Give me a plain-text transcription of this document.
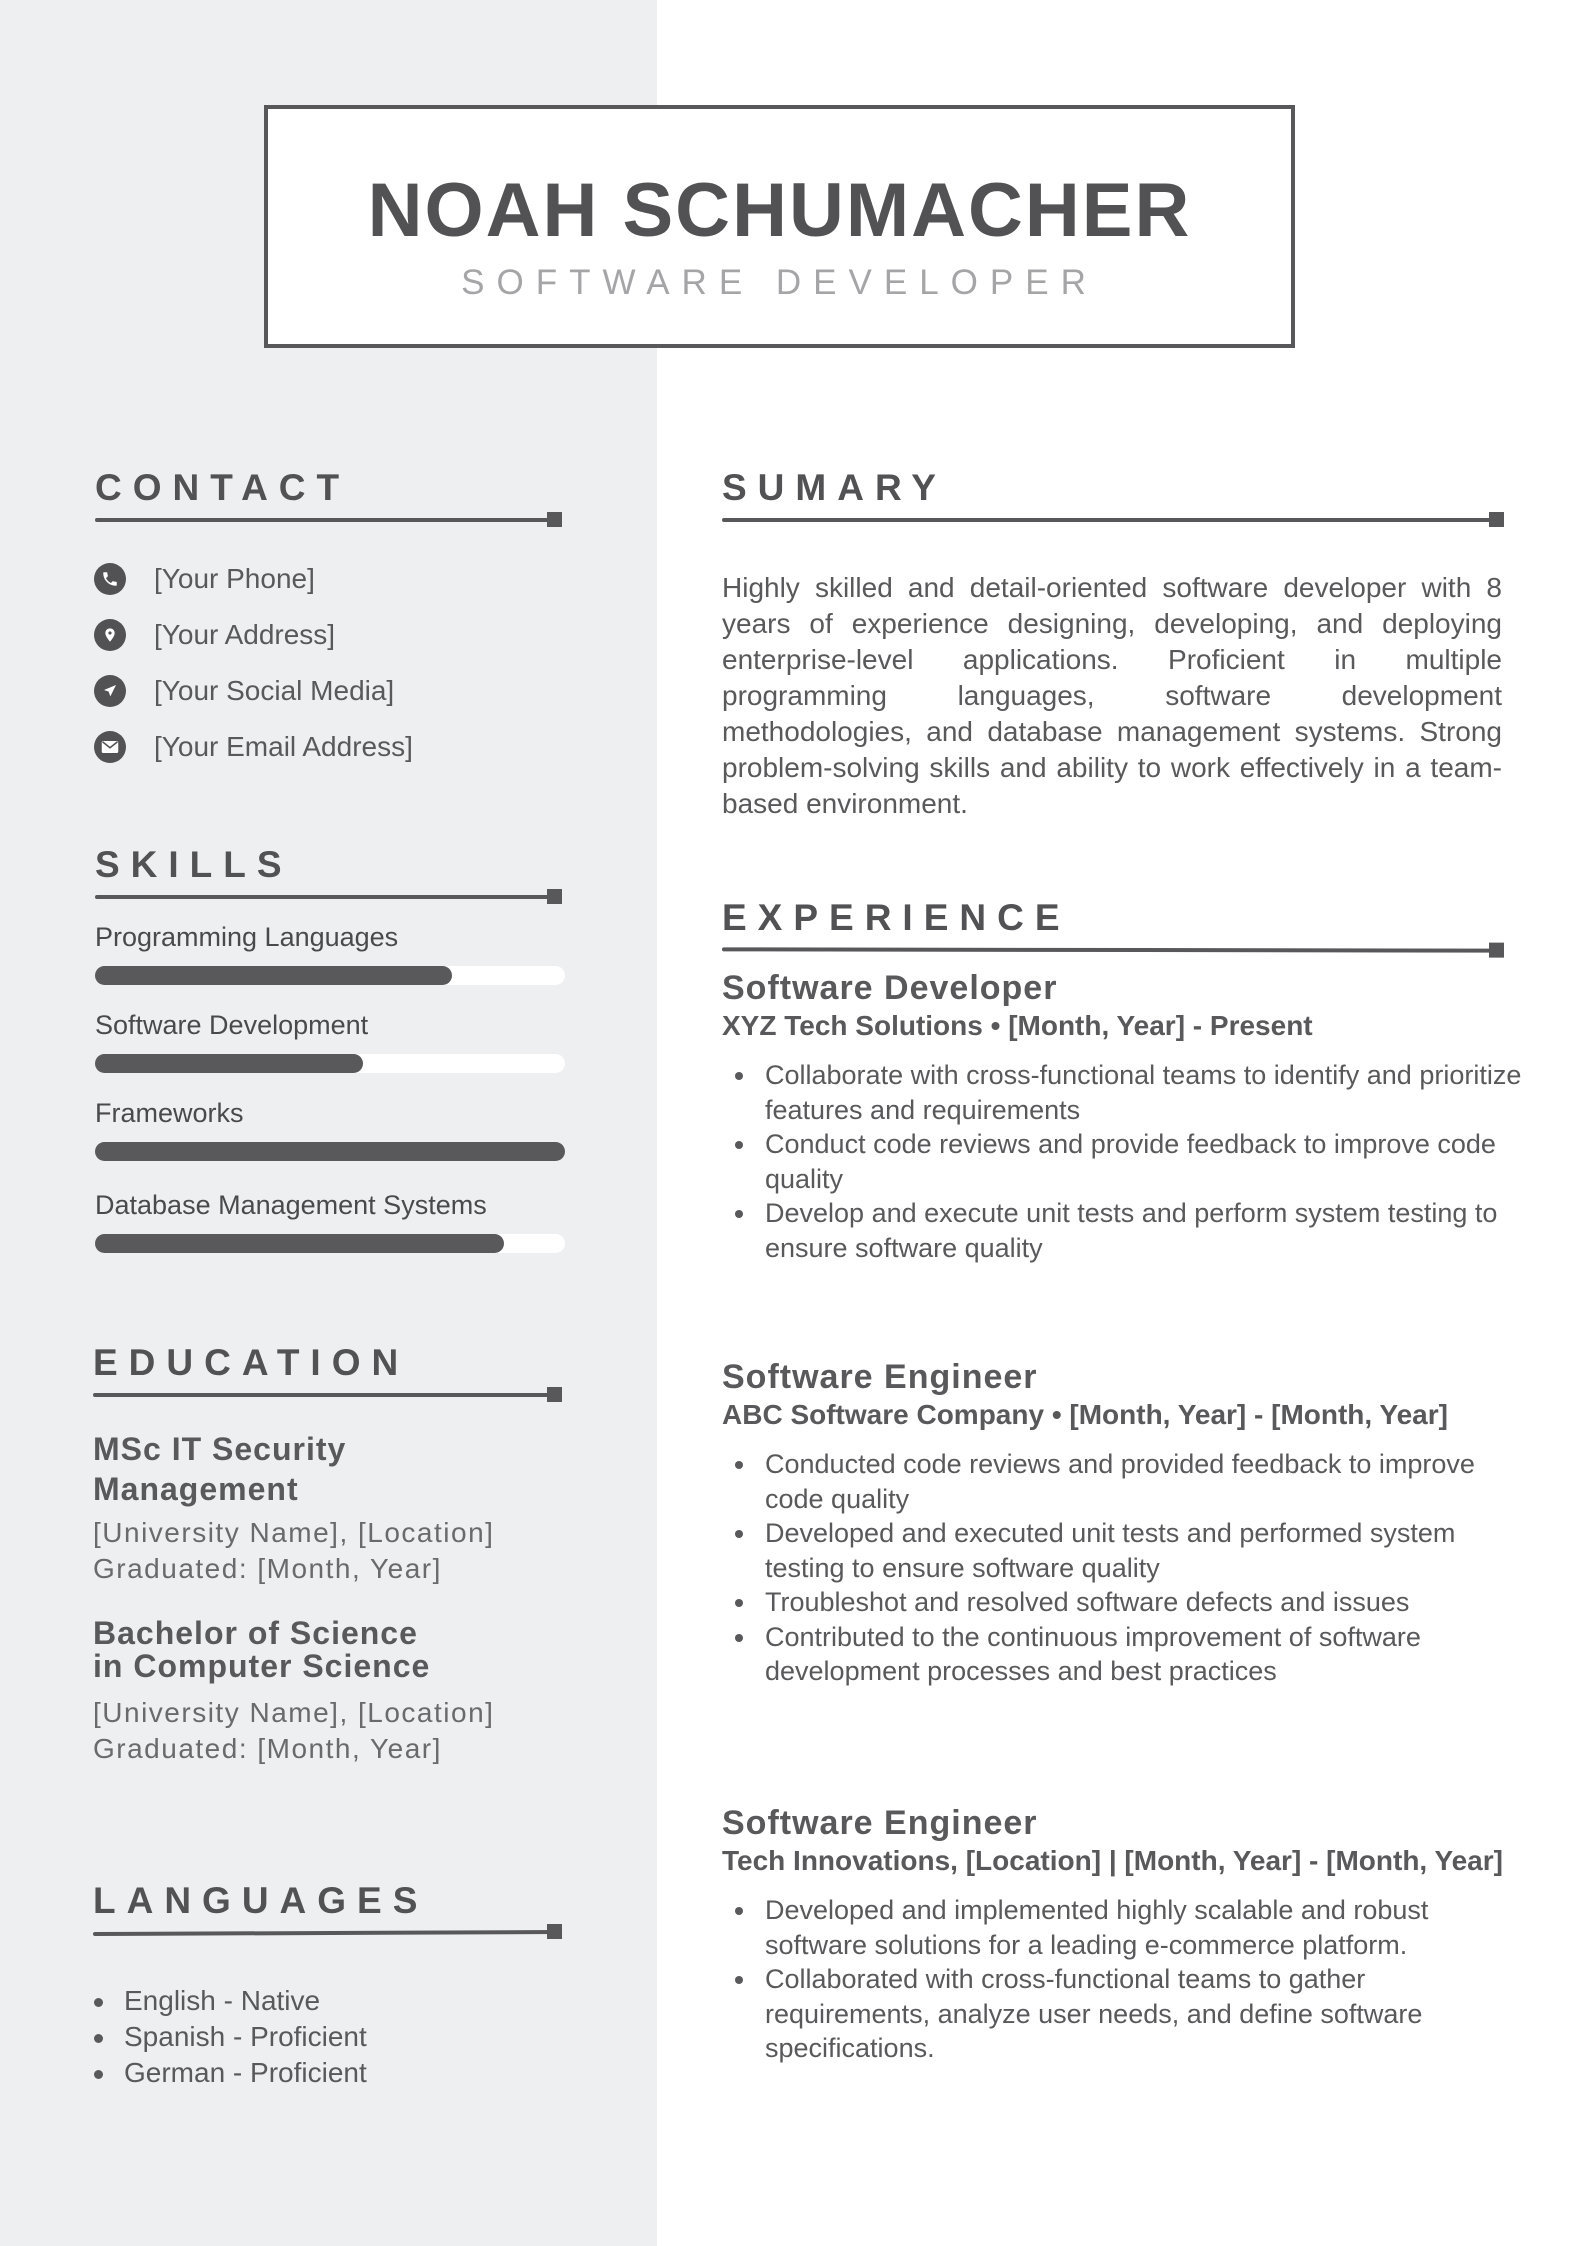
NOAH SCHUMACHER
SOFTWARE DEVELOPER
CONTACT
[Your Phone]
[Your Address]
[Your Social Media]
[Your Email Address]
SKILLS
Programming Languages
Software Development
Frameworks
Database Management Systems
EDUCATION
MSc IT Security
Management
[University Name], [Location]
Graduated: [Month, Year]
Bachelor of Science
in Computer Science
[University Name], [Location]
Graduated: [Month, Year]
LANGUAGES
English - Native
Spanish - Proficient
German - Proficient
SUMARY
Highly skilled and detail-oriented software developer with 8 years of experience designing, developing, and deploying enterprise-level applications. Proficient in multiple programming languages, software development methodologies, and database management systems. Strong problem-solving skills and ability to work effectively in a team-based environment.
EXPERIENCE
Software Developer
XYZ Tech Solutions • [Month, Year] - Present
Collaborate with cross-functional teams to identify and prioritize features and requirements
Conduct code reviews and provide feedback to improve code quality
Develop and execute unit tests and perform system testing to ensure software quality
Software Engineer
ABC Software Company • [Month, Year] - [Month, Year]
Conducted code reviews and provided feedback to improve code quality
Developed and executed unit tests and performed system testing to ensure software quality
Troubleshot and resolved software defects and issues
Contributed to the continuous improvement of software development processes and best practices
Software Engineer
Tech Innovations, [Location] | [Month, Year] - [Month, Year]
Developed and implemented highly scalable and robust software solutions for a leading e-commerce platform.
Collaborated with cross-functional teams to gather requirements, analyze user needs, and define software specifications.
